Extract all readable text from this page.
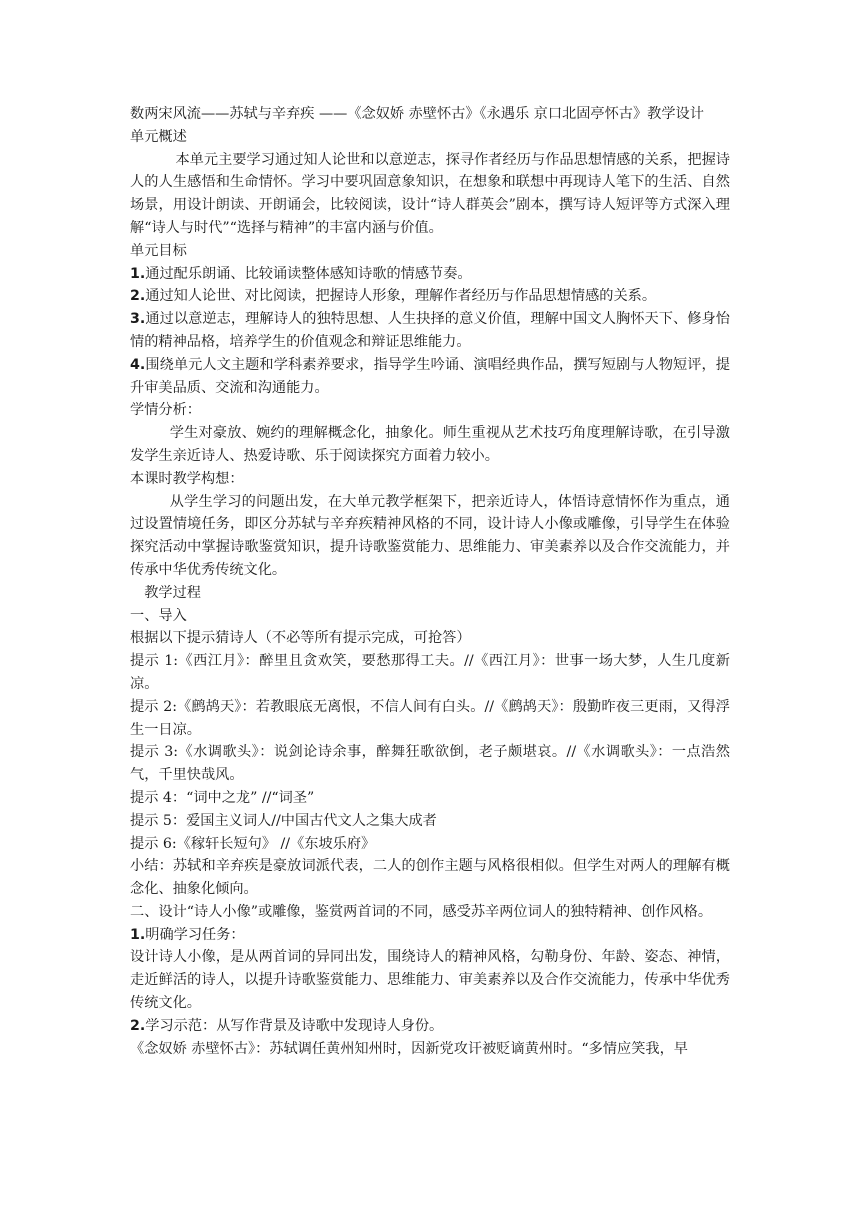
数两宋风流——苏轼与辛弃疾 ——《念奴娇 赤壁怀古》《永遇乐 京口北固亭怀古》教学设计

单元概述

本单元主要学习通过知人论世和以意逆志，探寻作者经历与作品思想情感的关系，把握诗人的人生感悟和生命情怀。学习中要巩固意象知识，在想象和联想中再现诗人笔下的生活、自然场景，用设计朗读、开朗诵会，比较阅读，设计“诗人群英会”剧本，撰写诗人短评等方式深入理解“诗人与时代”“选择与精神”的丰富内涵与价值。

单元目标

1.通过配乐朗诵、比较诵读整体感知诗歌的情感节奏。

2.通过知人论世、对比阅读，把握诗人形象，理解作者经历与作品思想情感的关系。

3.通过以意逆志，理解诗人的独特思想、人生抉择的意义价值，理解中国文人胸怀天下、修身怡情的精神品格，培养学生的价值观念和辩证思维能力。

4.围绕单元人文主题和学科素养要求，指导学生吟诵、演唱经典作品，撰写短剧与人物短评，提升审美品质、交流和沟通能力。

学情分析：

学生对豪放、婉约的理解概念化，抽象化。师生重视从艺术技巧角度理解诗歌，在引导激发学生亲近诗人、热爱诗歌、乐于阅读探究方面着力较小。

本课时教学构想：

从学生学习的问题出发，在大单元教学框架下，把亲近诗人，体悟诗意情怀作为重点，通过设置情境任务，即区分苏轼与辛弃疾精神风格的不同，设计诗人小像或雕像，引导学生在体验探究活动中掌握诗歌鉴赏知识，提升诗歌鉴赏能力、思维能力、审美素养以及合作交流能力，并传承中华优秀传统文化。

教学过程

一、导入

根据以下提示猜诗人（不必等所有提示完成，可抢答）

提示 1:《西江月》：醉里且贪欢笑，要愁那得工夫。//《西江月》：世事一场大梦，人生几度新凉。

提示 2:《鹧鸪天》：若教眼底无离恨，不信人间有白头。//《鹧鸪天》：殷勤昨夜三更雨，又得浮生一日凉。

提示 3:《水调歌头》：说剑论诗余事，醉舞狂歌欲倒，老子颇堪哀。//《水调歌头》：一点浩然气，千里快哉风。

提示 4：“词中之龙” //“词圣”

提示 5：爱国主义词人//中国古代文人之集大成者

提示 6:《稼轩长短句》 //《东坡乐府》

小结：苏轼和辛弃疾是豪放词派代表，二人的创作主题与风格很相似。但学生对两人的理解有概念化、抽象化倾向。

二、设计“诗人小像”或雕像，鉴赏两首词的不同，感受苏辛两位词人的独特精神、创作风格。

1.明确学习任务：

设计诗人小像，是从两首词的异同出发，围绕诗人的精神风格，勾勒身份、年龄、姿态、神情，走近鲜活的诗人，以提升诗歌鉴赏能力、思维能力、审美素养以及合作交流能力，传承中华优秀传统文化。

2.学习示范：从写作背景及诗歌中发现诗人身份。

《念奴娇 赤壁怀古》：苏轼调任黄州知州时，因新党攻讦被贬谪黄州时。“多情应笑我，早
